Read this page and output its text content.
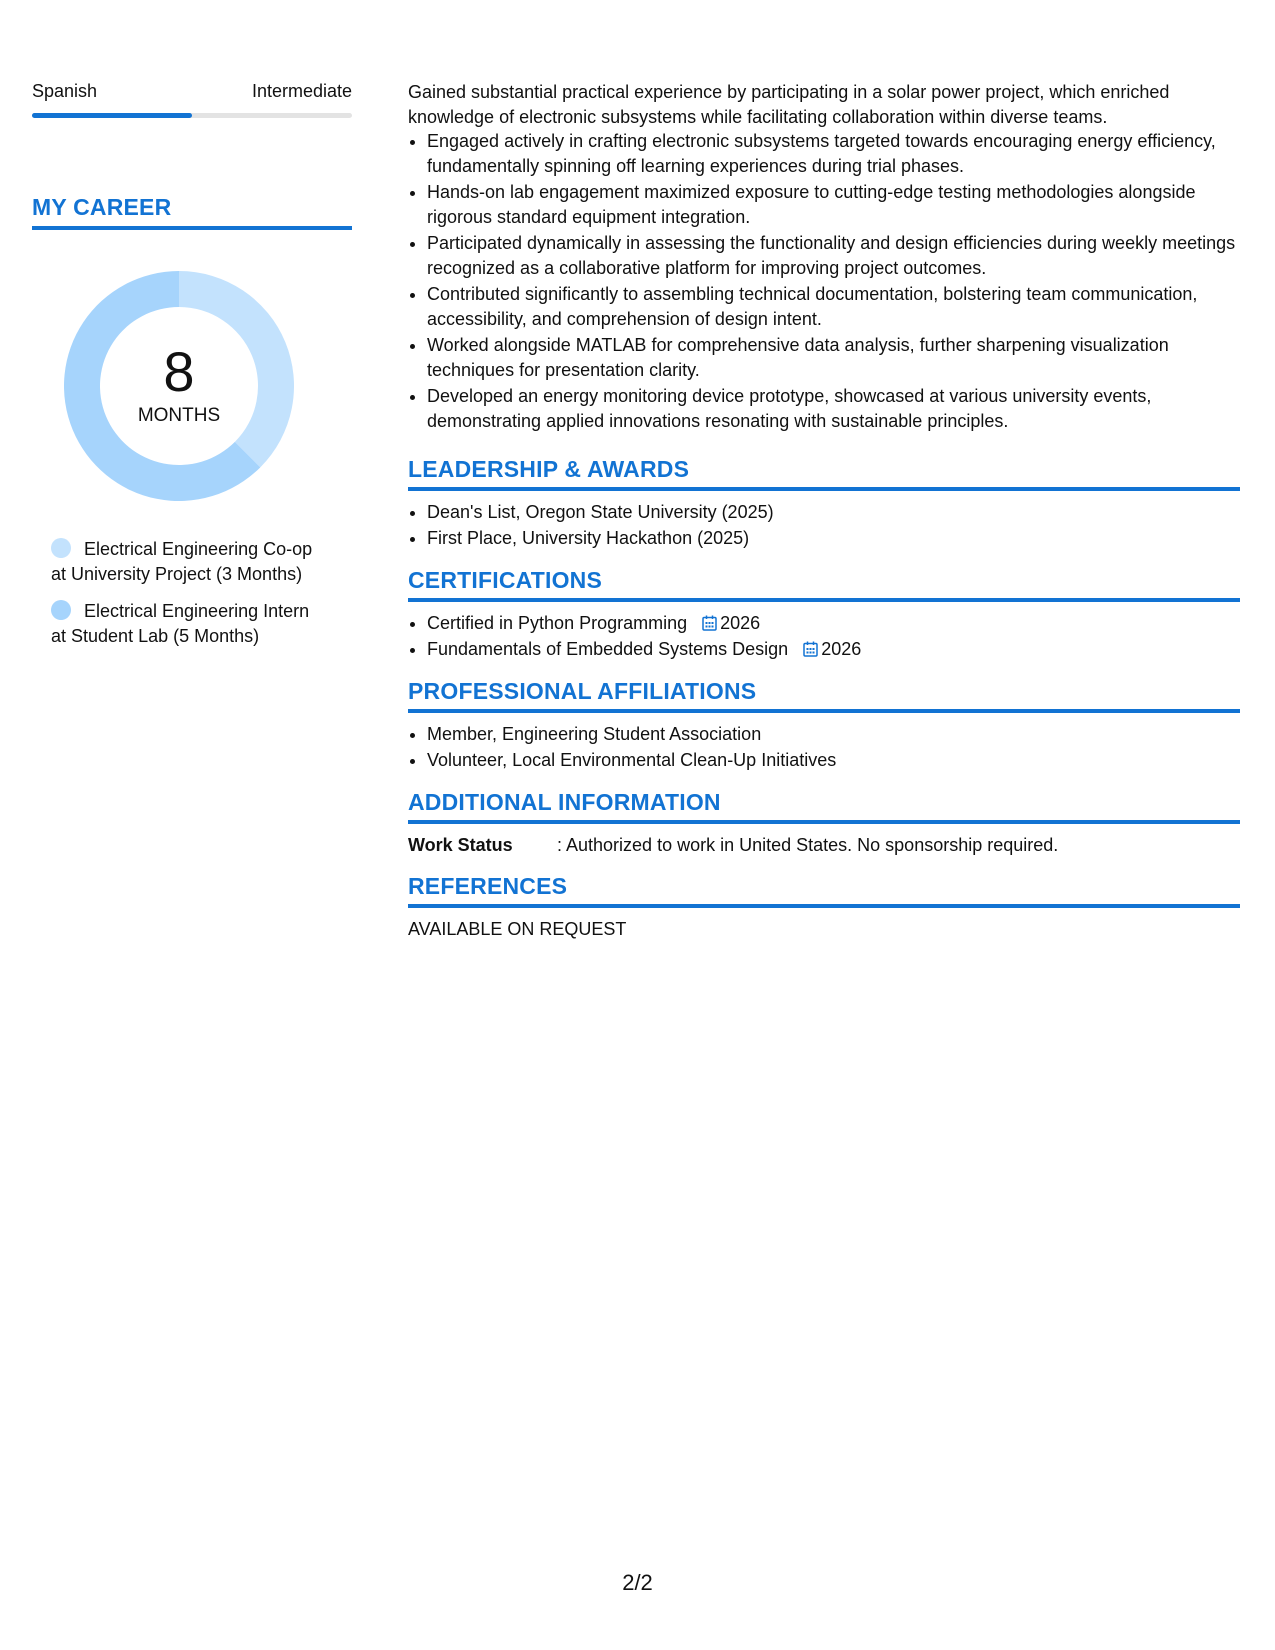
Spanish	Intermediate
MY CAREER
8
MONTHS
Electrical Engineering Co-op
at University Project (3 Months)
Electrical Engineering Intern
at Student Lab (5 Months)

Gained substantial practical experience by participating in a solar power project, which enriched knowledge of electronic subsystems while facilitating collaboration within diverse teams.

• Engaged actively in crafting electronic subsystems targeted towards encouraging energy efficiency, fundamentally spinning off learning experiences during trial phases.
• Hands-on lab engagement maximized exposure to cutting-edge testing methodologies alongside rigorous standard equipment integration.
• Participated dynamically in assessing the functionality and design efficiencies during weekly meetings recognized as a collaborative platform for improving project outcomes.
• Contributed significantly to assembling technical documentation, bolstering team communication, accessibility, and comprehension of design intent.
• Worked alongside MATLAB for comprehensive data analysis, further sharpening visualization techniques for presentation clarity.
• Developed an energy monitoring device prototype, showcased at various university events, demonstrating applied innovations resonating with sustainable principles.
LEADERSHIP & AWARDS
• Dean's List, Oregon State University (2025)
• First Place, University Hackathon (2025)
CERTIFICATIONS
• Certified in Python Programming 2026
• Fundamentals of Embedded Systems Design 2026
PROFESSIONAL AFFILIATIONS
• Member, Engineering Student Association
• Volunteer, Local Environmental Clean-Up Initiatives
ADDITIONAL INFORMATION
Work Status : Authorized to work in United States. No sponsorship required.
REFERENCES
AVAILABLE ON REQUEST
2/2
